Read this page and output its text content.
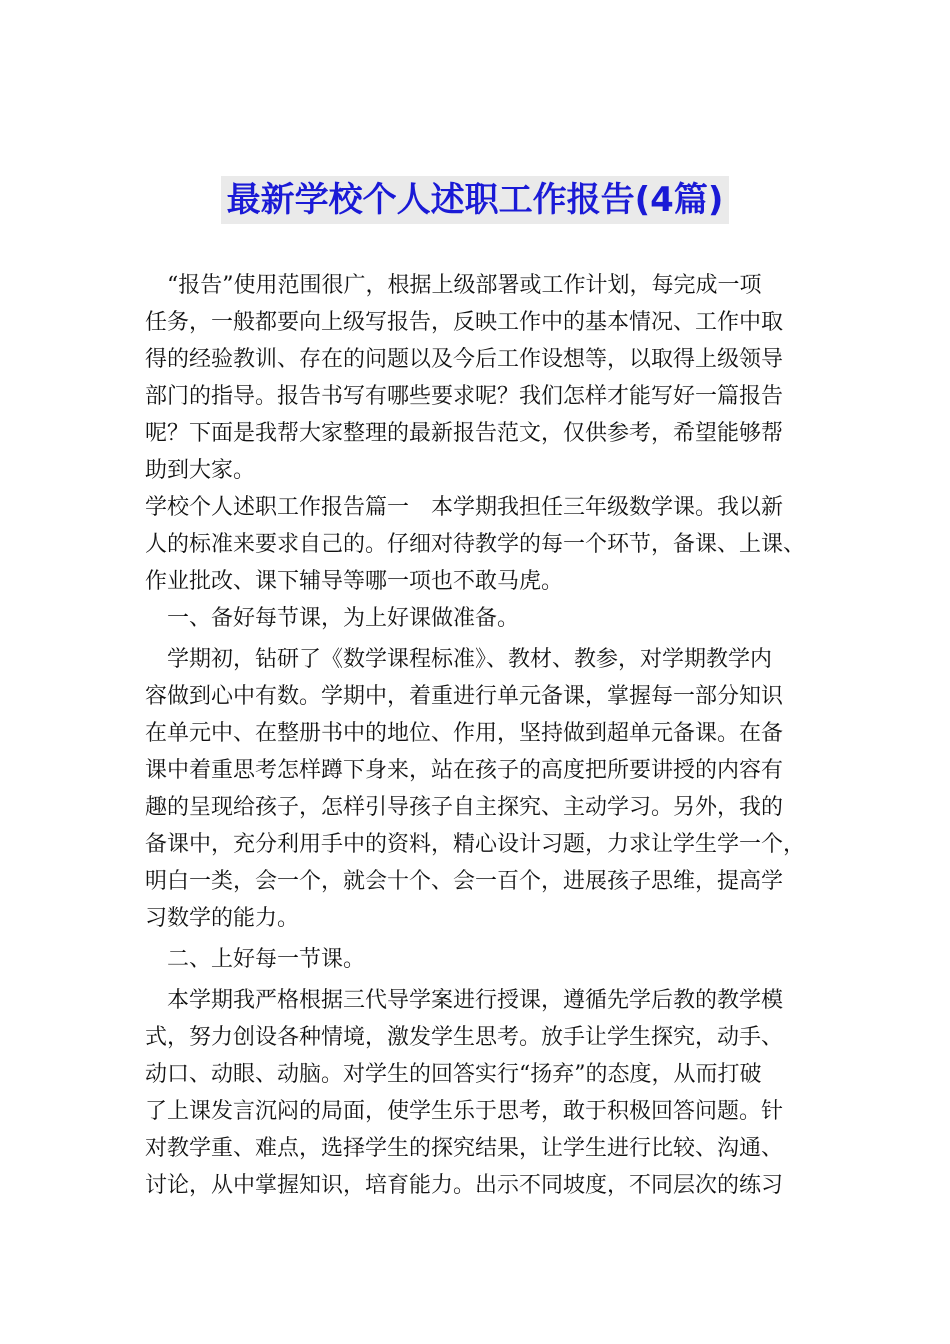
最新学校个人述职工作报告(4篇)
　“报告”使用范围很广，根据上级部署或工作计划，每完成一项
任务，一般都要向上级写报告，反映工作中的基本情况、工作中取
得的经验教训、存在的问题以及今后工作设想等，以取得上级领导
部门的指导。报告书写有哪些要求呢？我们怎样才能写好一篇报告
呢？下面是我帮大家整理的最新报告范文，仅供参考，希望能够帮
助到大家。
学校个人述职工作报告篇一　本学期我担任三年级数学课。我以新
人的标准来要求自己的。仔细对待教学的每一个环节，备课、上课、
作业批改、课下辅导等哪一项也不敢马虎。
　一、备好每节课，为上好课做准备。
　学期初，钻研了《数学课程标准》、教材、教参，对学期教学内
容做到心中有数。学期中，着重进行单元备课，掌握每一部分知识
在单元中、在整册书中的地位、作用，坚持做到超单元备课。在备
课中着重思考怎样蹲下身来，站在孩子的高度把所要讲授的内容有
趣的呈现给孩子，怎样引导孩子自主探究、主动学习。另外，我的
备课中，充分利用手中的资料，精心设计习题，力求让学生学一个，
明白一类，会一个，就会十个、会一百个，进展孩子思维，提高学
习数学的能力。
　二、上好每一节课。
　本学期我严格根据三代导学案进行授课，遵循先学后教的教学模
式，努力创设各种情境，激发学生思考。放手让学生探究，动手、
动口、动眼、动脑。对学生的回答实行“扬弃”的态度，从而打破
了上课发言沉闷的局面，使学生乐于思考，敢于积极回答问题。针
对教学重、难点，选择学生的探究结果，让学生进行比较、沟通、
讨论，从中掌握知识，培育能力。出示不同坡度，不同层次的练习
